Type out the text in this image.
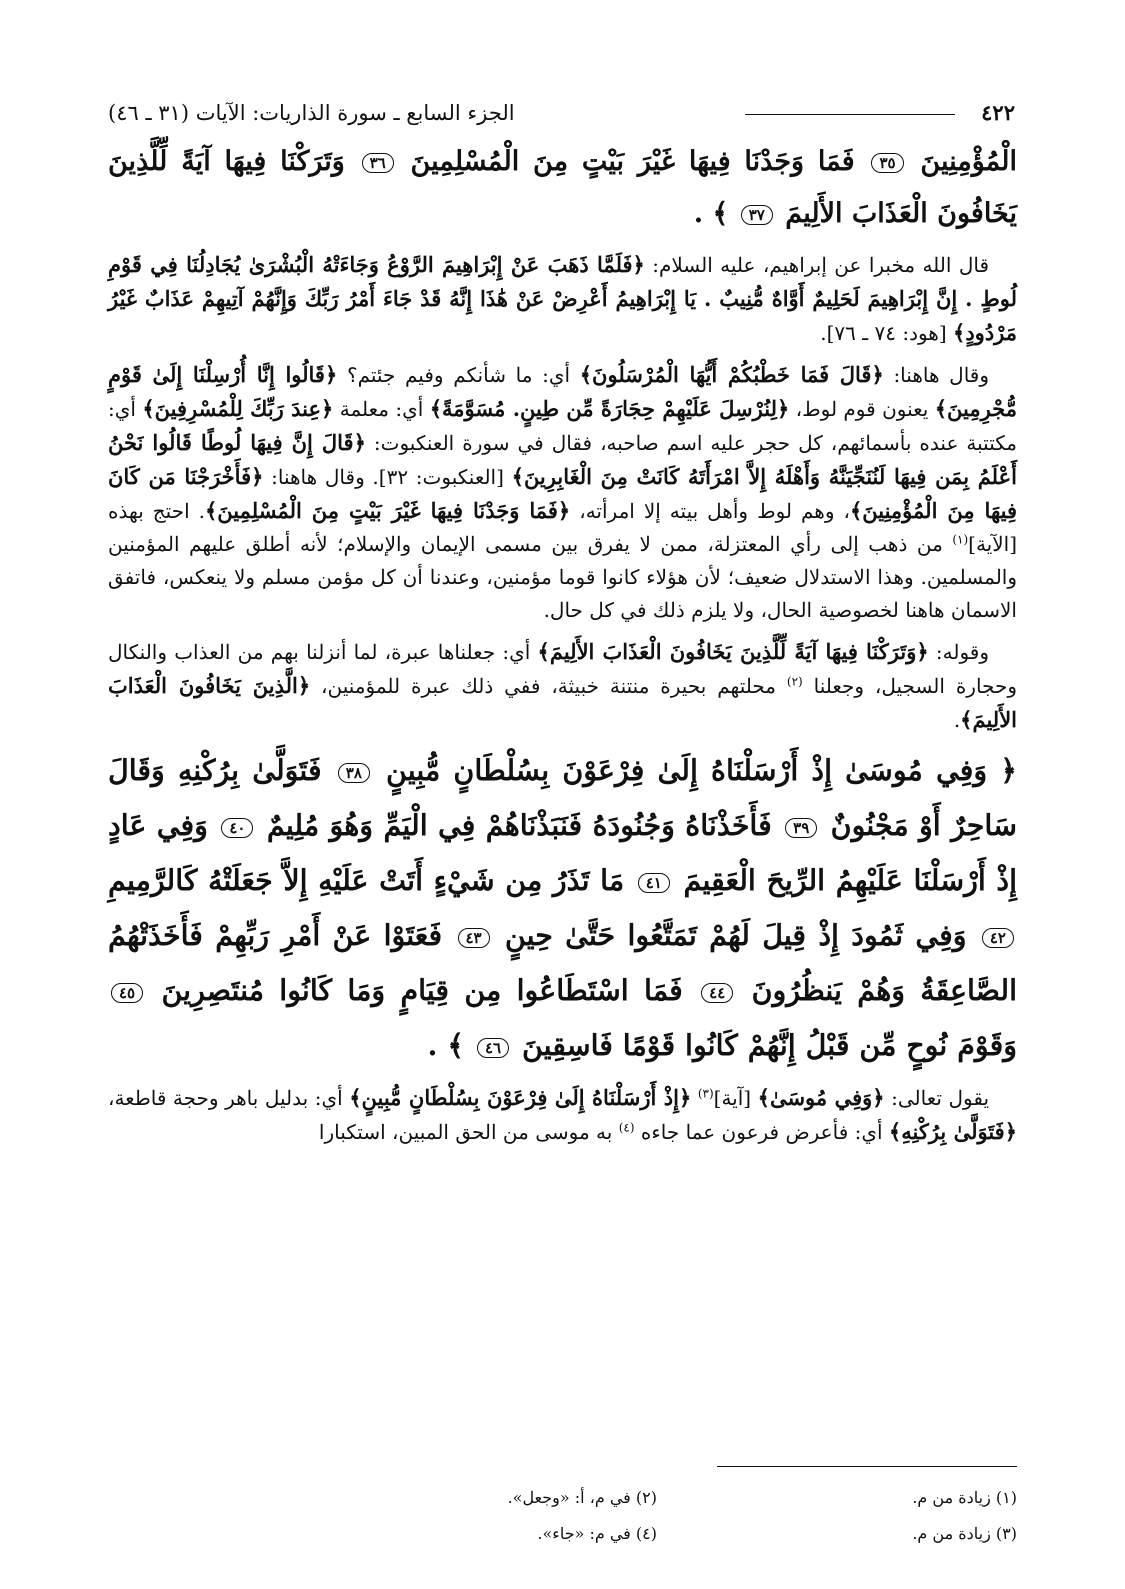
٤٢٢
الجزء السابع ـ سورة الذاريات: الآيات (٣١ ـ ٤٦)

الْمُؤْمِنِينَ ٣٥ فَمَا وَجَدْنَا فِيهَا غَيْرَ بَيْتٍ مِنَ الْمُسْلِمِينَ ٣٦ وَتَرَكْنَا فِيهَا آيَةً لِّلَّذِينَ يَخَافُونَ الْعَذَابَ الأَلِيمَ ٣٧ ﴾ .

قال الله مخبرا عن إبراهيم، عليه السلام: ﴿فَلَمَّا ذَهَبَ عَنْ إِبْرَاهِيمَ الرَّوْعُ وَجَاءَتْهُ الْبُشْرَىٰ يُجَادِلُنَا فِي قَوْمِ لُوطٍ . إِنَّ إِبْرَاهِيمَ لَحَلِيمٌ أَوَّاهٌ مُّنِيبٌ . يَا إِبْرَاهِيمُ أَعْرِضْ عَنْ هَٰذَا إِنَّهُ قَدْ جَاءَ أَمْرُ رَبِّكَ وَإِنَّهُمْ آتِيهِمْ عَذَابٌ غَيْرُ مَرْدُودٍ﴾ [هود: ٧٤ ـ ٧٦].

وقال هاهنا: ﴿قَالَ فَمَا خَطْبُكُمْ أَيُّهَا الْمُرْسَلُونَ﴾ أي: ما شأنكم وفيم جئتم؟ ﴿قَالُوا إِنَّا أُرْسِلْنَا إِلَىٰ قَوْمٍ مُّجْرِمِينَ﴾ يعنون قوم لوط، ﴿لِنُرْسِلَ عَلَيْهِمْ حِجَارَةً مِّن طِينٍ. مُسَوَّمَةً﴾ أي: معلمة ﴿عِندَ رَبِّكَ لِلْمُسْرِفِينَ﴾ أي: مكتتبة عنده بأسمائهم، كل حجر عليه اسم صاحبه، فقال في سورة العنكبوت: ﴿قَالَ إِنَّ فِيهَا لُوطًا قَالُوا نَحْنُ أَعْلَمُ بِمَن فِيهَا لَنُنَجِّيَنَّهُ وَأَهْلَهُ إِلاَّ امْرَأَتَهُ كَانَتْ مِنَ الْغَابِرِينَ﴾ [العنكبوت: ٣٢]. وقال هاهنا: ﴿فَأَخْرَجْنَا مَن كَانَ فِيهَا مِنَ الْمُؤْمِنِينَ﴾، وهم لوط وأهل بيته إلا امرأته، ﴿فَمَا وَجَدْنَا فِيهَا غَيْرَ بَيْتٍ مِنَ الْمُسْلِمِينَ﴾. احتج بهذه [الآية]$^{(١)}$ من ذهب إلى رأي المعتزلة، ممن لا يفرق بين مسمى الإيمان والإسلام؛ لأنه أطلق عليهم المؤمنين والمسلمين. وهذا الاستدلال ضعيف؛ لأن هؤلاء كانوا قوما مؤمنين، وعندنا أن كل مؤمن مسلم ولا ينعكس، فاتفق الاسمان هاهنا لخصوصية الحال، ولا يلزم ذلك في كل حال.

وقوله: ﴿وَتَرَكْنَا فِيهَا آيَةً لِّلَّذِينَ يَخَافُونَ الْعَذَابَ الأَلِيمَ﴾ أي: جعلناها عبرة، لما أنزلنا بهم من العذاب والنكال وحجارة السجيل، وجعلنا $^{(٢)}$ محلتهم بحيرة منتنة خبيثة، ففي ذلك عبرة للمؤمنين، ﴿الَّذِينَ يَخَافُونَ الْعَذَابَ الأَلِيمَ﴾.

﴿ وَفِي مُوسَىٰ إِذْ أَرْسَلْنَاهُ إِلَىٰ فِرْعَوْنَ بِسُلْطَانٍ مُّبِينٍ ٣٨ فَتَوَلَّىٰ بِرُكْنِهِ وَقَالَ سَاحِرٌ أَوْ مَجْنُونٌ ٣٩ فَأَخَذْنَاهُ وَجُنُودَهُ فَنَبَذْنَاهُمْ فِي الْيَمِّ وَهُوَ مُلِيمٌ ٤٠ وَفِي عَادٍ إِذْ أَرْسَلْنَا عَلَيْهِمُ الرِّيحَ الْعَقِيمَ ٤١ مَا تَذَرُ مِن شَيْءٍ أَتَتْ عَلَيْهِ إِلاَّ جَعَلَتْهُ كَالرَّمِيمِ ٤٢ وَفِي ثَمُودَ إِذْ قِيلَ لَهُمْ تَمَتَّعُوا حَتَّىٰ حِينٍ ٤٣ فَعَتَوْا عَنْ أَمْرِ رَبِّهِمْ فَأَخَذَتْهُمُ الصَّاعِقَةُ وَهُمْ يَنظُرُونَ ٤٤ فَمَا اسْتَطَاعُوا مِن قِيَامٍ وَمَا كَانُوا مُنتَصِرِينَ ٤٥ وَقَوْمَ نُوحٍ مِّن قَبْلُ إِنَّهُمْ كَانُوا قَوْمًا فَاسِقِينَ ٤٦ ﴾ .

يقول تعالى: ﴿وَفِي مُوسَىٰ﴾ [آية]$^{(٣)}$ ﴿إِذْ أَرْسَلْنَاهُ إِلَىٰ فِرْعَوْنَ بِسُلْطَانٍ مُّبِينٍ﴾ أي: بدليل باهر وحجة قاطعة، ﴿فَتَوَلَّىٰ بِرُكْنِهِ﴾ أي: فأعرض فرعون عما جاءه $^{(٤)}$ به موسى من الحق المبين، استكبارا

(١) زيادة من م.
(٢) في م، أ: «وجعل».
(٣) زيادة من م.
(٤) في م: «جاء».
